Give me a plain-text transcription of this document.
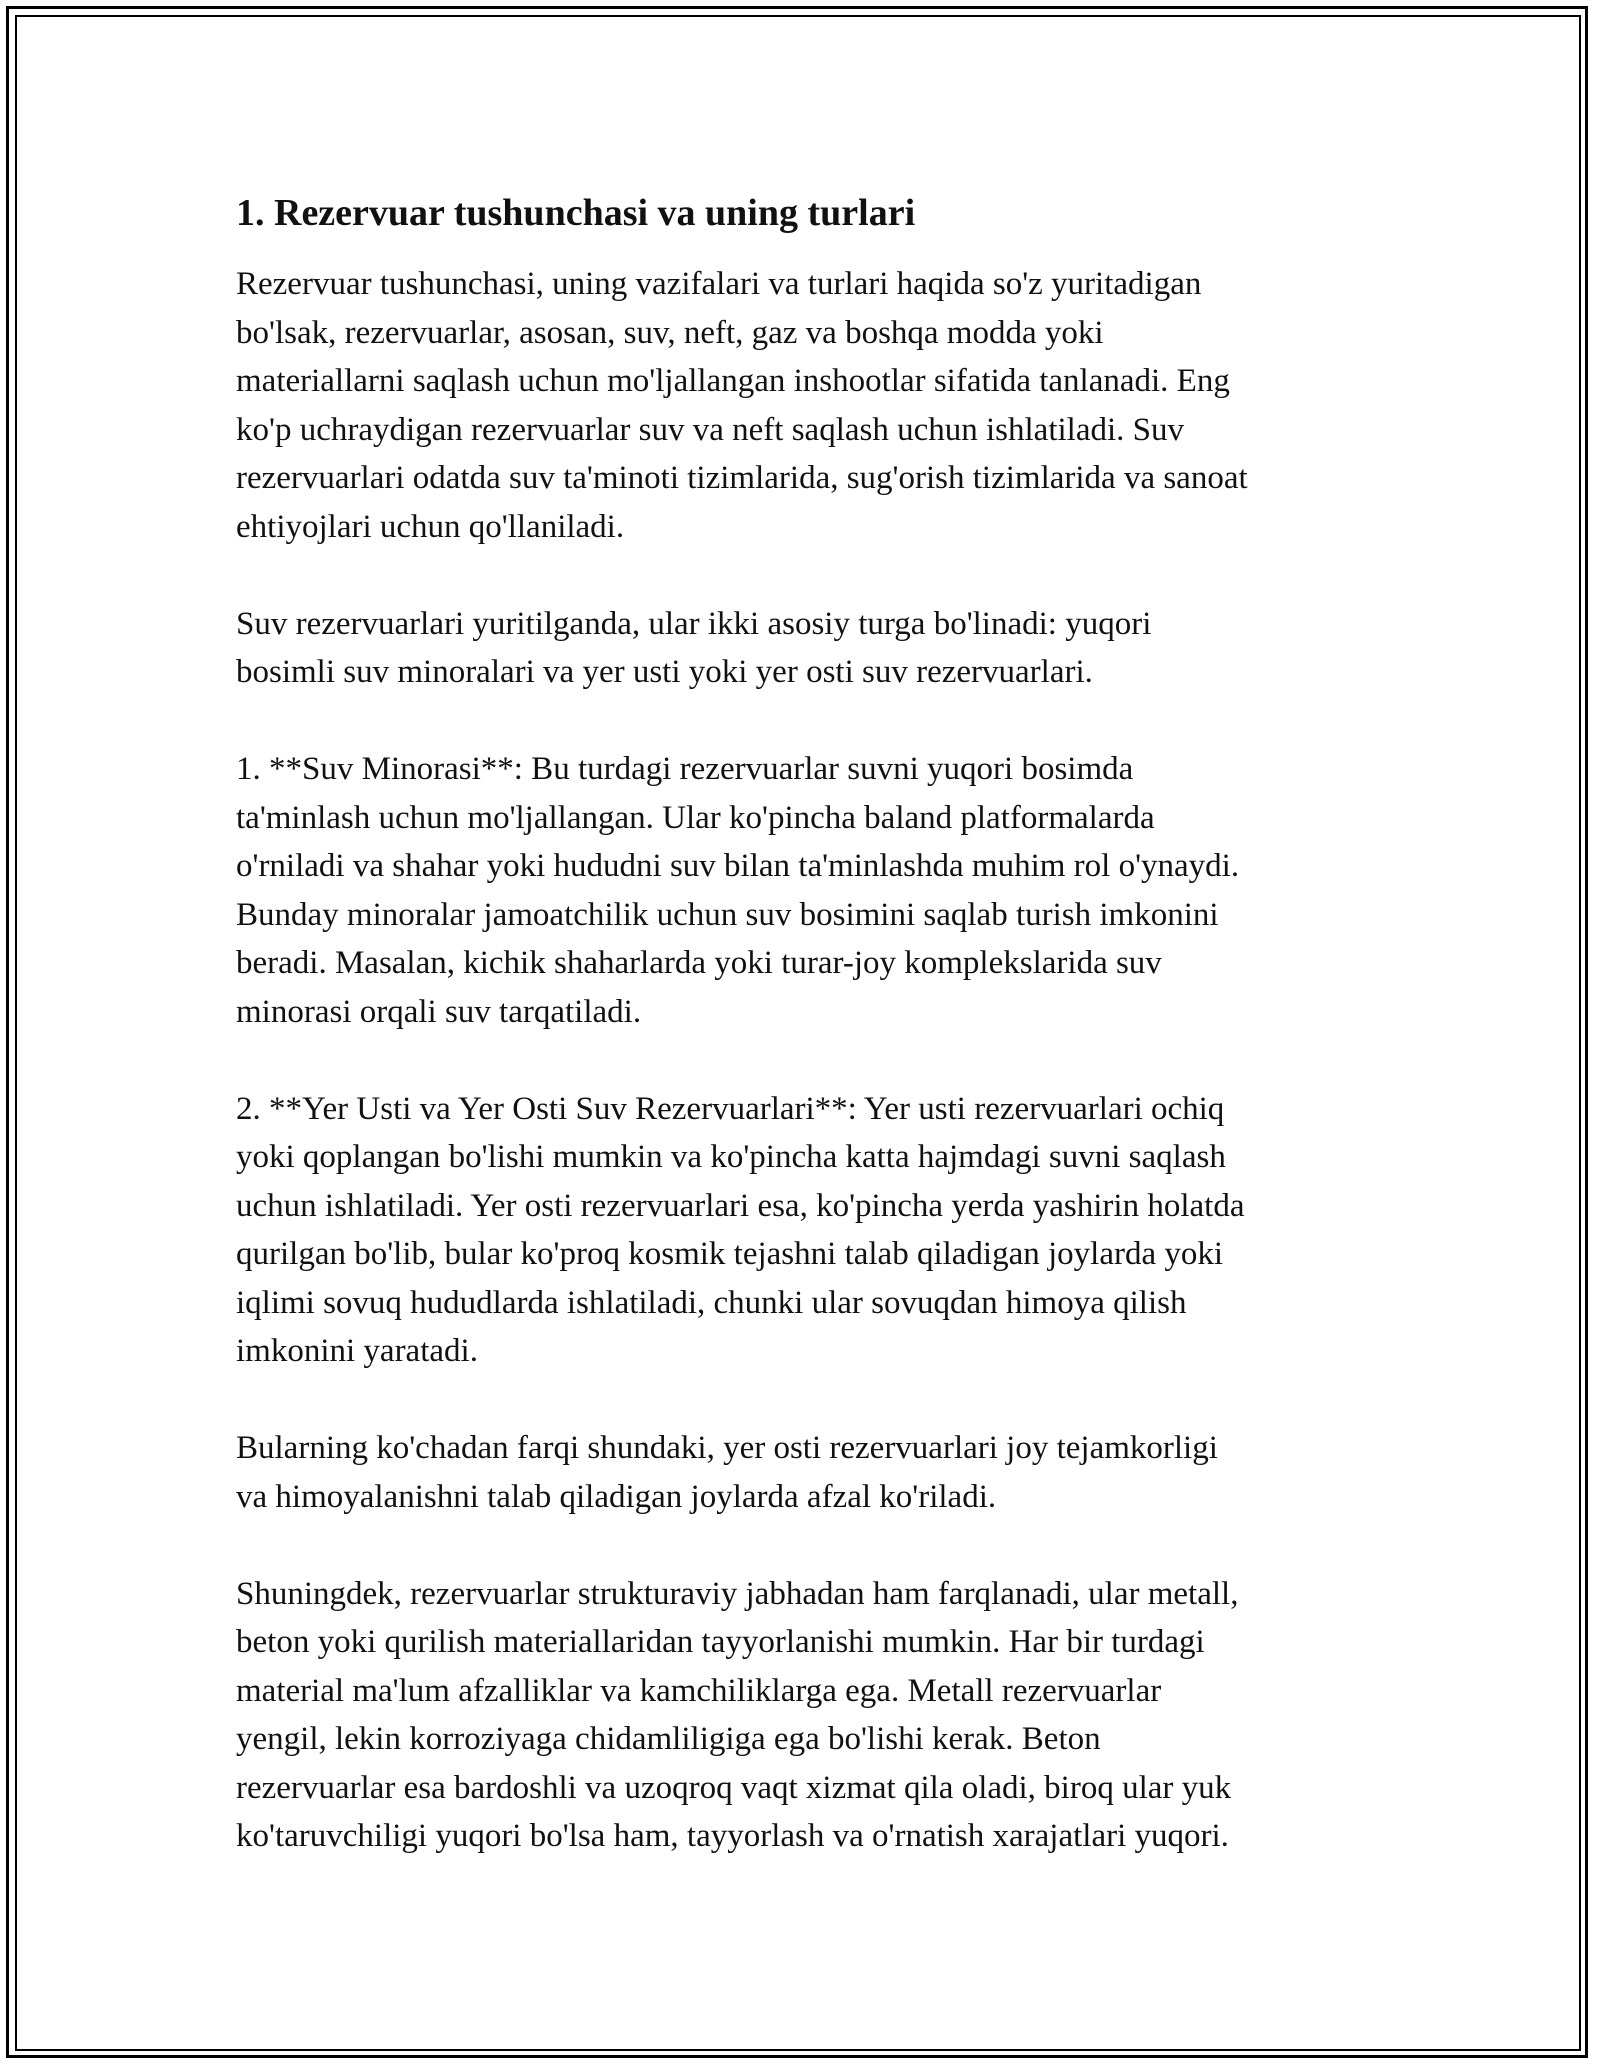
1. Rezervuar tushunchasi va uning turlari

Rezervuar tushunchasi, uning vazifalari va turlari haqida so'z yuritadigan
bo'lsak, rezervuarlar, asosan, suv, neft, gaz va boshqa modda yoki
materiallarni saqlash uchun mo'ljallangan inshootlar sifatida tanlanadi. Eng
ko'p uchraydigan rezervuarlar suv va neft saqlash uchun ishlatiladi. Suv
rezervuarlari odatda suv ta'minoti tizimlarida, sug'orish tizimlarida va sanoat
ehtiyojlari uchun qo'llaniladi.

Suv rezervuarlari yuritilganda, ular ikki asosiy turga bo'linadi: yuqori
bosimli suv minoralari va yer usti yoki yer osti suv rezervuarlari.

1. **Suv Minorasi**: Bu turdagi rezervuarlar suvni yuqori bosimda
ta'minlash uchun mo'ljallangan. Ular ko'pincha baland platformalarda
o'rniladi va shahar yoki hududni suv bilan ta'minlashda muhim rol o'ynaydi.
Bunday minoralar jamoatchilik uchun suv bosimini saqlab turish imkonini
beradi. Masalan, kichik shaharlarda yoki turar-joy komplekslarida suv
minorasi orqali suv tarqatiladi.

2. **Yer Usti va Yer Osti Suv Rezervuarlari**: Yer usti rezervuarlari ochiq
yoki qoplangan bo'lishi mumkin va ko'pincha katta hajmdagi suvni saqlash
uchun ishlatiladi. Yer osti rezervuarlari esa, ko'pincha yerda yashirin holatda
qurilgan bo'lib, bular ko'proq kosmik tejashni talab qiladigan joylarda yoki
iqlimi sovuq hududlarda ishlatiladi, chunki ular sovuqdan himoya qilish
imkonini yaratadi.

Bularning ko'chadan farqi shundaki, yer osti rezervuarlari joy tejamkorligi
va himoyalanishni talab qiladigan joylarda afzal ko'riladi.

Shuningdek, rezervuarlar strukturaviy jabhadan ham farqlanadi, ular metall,
beton yoki qurilish materiallaridan tayyorlanishi mumkin. Har bir turdagi
material ma'lum afzalliklar va kamchiliklarga ega. Metall rezervuarlar
yengil, lekin korroziyaga chidamliligiga ega bo'lishi kerak. Beton
rezervuarlar esa bardoshli va uzoqroq vaqt xizmat qila oladi, biroq ular yuk
ko'taruvchiligi yuqori bo'lsa ham, tayyorlash va o'rnatish xarajatlari yuqori.
